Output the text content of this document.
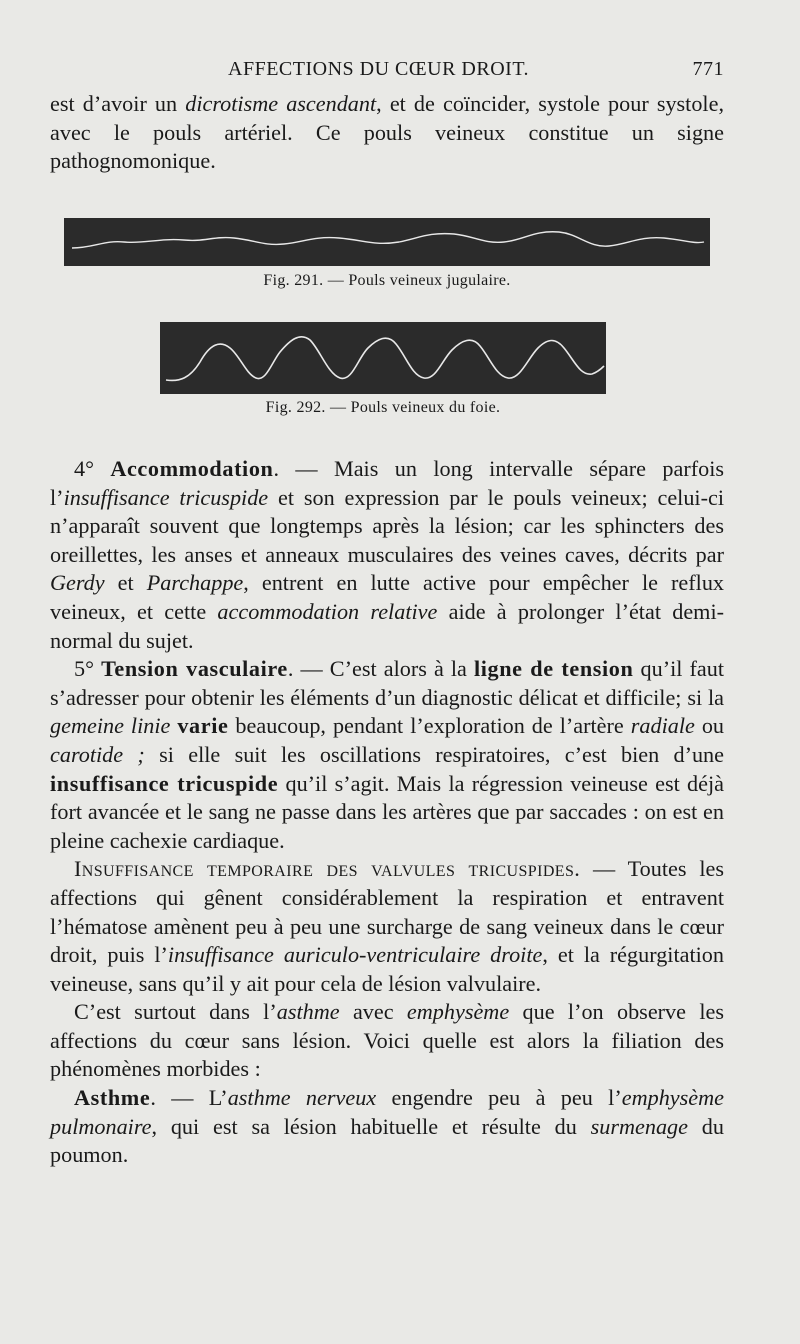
AFFECTIONS DU CŒUR DROIT.	771

est d’avoir un dicrotisme ascendant, et de coïncider, systole pour systole, avec le pouls artériel. Ce pouls veineux constitue un signe pathognomonique.

Fig. 291. — Pouls veineux jugulaire.
Fig. 292. — Pouls veineux du foie.

4° Accommodation. — Mais un long intervalle sépare parfois l’insuffisance tricuspide et son expression par le pouls veineux; celui-ci n’apparaît souvent que longtemps après la lésion; car les sphincters des oreillettes, les anses et anneaux musculaires des veines caves, décrits par Gerdy et Parchappe, entrent en lutte active pour empêcher le reflux veineux, et cette accommodation relative aide à prolonger l’état demi-normal du sujet.

5° Tension vasculaire. — C’est alors à la ligne de tension qu’il faut s’adresser pour obtenir les éléments d’un diagnostic délicat et difficile; si la gemeine linie varie beaucoup, pendant l’exploration de l’artère radiale ou carotide ; si elle suit les oscillations respiratoires, c’est bien d’une insuffisance tricuspide qu’il s’agit. Mais la régression veineuse est déjà fort avancée et le sang ne passe dans les artères que par saccades : on est en pleine cachexie cardiaque.

Insuffisance temporaire des valvules tricuspides. — Toutes les affections qui gênent considérablement la respiration et entravent l’hématose amènent peu à peu une surcharge de sang veineux dans le cœur droit, puis l’insuffisance auriculo-ventriculaire droite, et la régurgitation veineuse, sans qu’il y ait pour cela de lésion valvulaire.

C’est surtout dans l’asthme avec emphysème que l’on observe les affections du cœur sans lésion. Voici quelle est alors la filiation des phénomènes morbides :

Asthme. — L’asthme nerveux engendre peu à peu l’emphysème pulmonaire, qui est sa lésion habituelle et résulte du surmenage du poumon.
